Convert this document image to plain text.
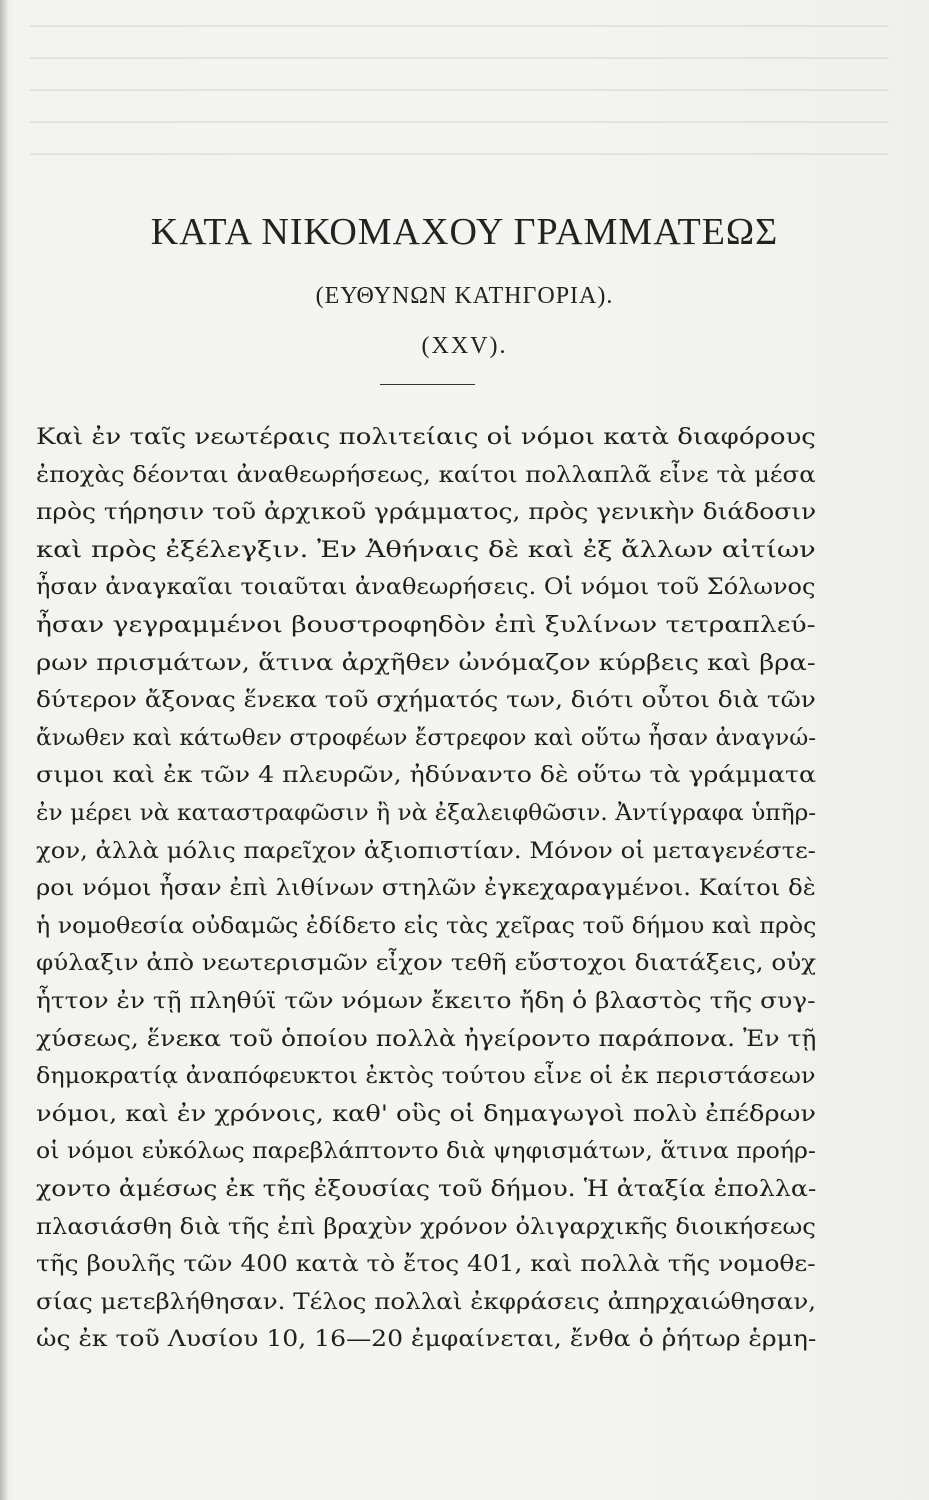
ΚΑΤΑ ΝΙΚΟΜΑΧΟΥ ΓΡΑΜΜΑΤΕΩΣ
(ΕΥΘΥΝΩΝ ΚΑΤΗΓΟΡΙΑ).
(XXV).
Καὶ ἐν ταῖς νεωτέραις πολιτείαις οἱ νόμοι κατὰ διαφόρους
ἐποχὰς δέονται ἀναθεωρήσεως, καίτοι πολλαπλᾶ εἶνε τὰ μέσα
πρὸς τήρησιν τοῦ ἀρχικοῦ γράμματος, πρὸς γενικὴν διάδοσιν
καὶ πρὸς ἐξέλεγξιν. Ἐν Ἀθήναις δὲ καὶ ἐξ ἄλλων αἰτίων
ἦσαν ἀναγκαῖαι τοιαῦται ἀναθεωρήσεις. Οἱ νόμοι τοῦ Σόλωνος
ἦσαν γεγραμμένοι βουστροφηδὸν ἐπὶ ξυλίνων τετραπλεύ-
ρων πρισμάτων, ἅτινα ἀρχῆθεν ὠνόμαζον κύρβεις καὶ βρα-
δύτερον ἄξονας ἕνεκα τοῦ σχήματός των, διότι οὗτοι διὰ τῶν
ἄνωθεν καὶ κάτωθεν στροφέων ἔστρεφον καὶ οὕτω ἦσαν ἀναγνώ-
σιμοι καὶ ἐκ τῶν 4 πλευρῶν, ἠδύναντο δὲ οὕτω τὰ γράμματα
ἐν μέρει νὰ καταστραφῶσιν ἢ νὰ ἐξαλειφθῶσιν. Ἀντίγραφα ὑπῆρ-
χον, ἀλλὰ μόλις παρεῖχον ἀξιοπιστίαν. Μόνον οἱ μεταγενέστε-
ροι νόμοι ἦσαν ἐπὶ λιθίνων στηλῶν ἐγκεχαραγμένοι. Καίτοι δὲ
ἡ νομοθεσία οὐδαμῶς ἐδίδετο εἰς τὰς χεῖρας τοῦ δήμου καὶ πρὸς
φύλαξιν ἀπὸ νεωτερισμῶν εἶχον τεθῆ εὔστοχοι διατάξεις, οὐχ
ἧττον ἐν τῇ πληθύϊ τῶν νόμων ἔκειτο ἤδη ὁ βλαστὸς τῆς συγ-
χύσεως, ἕνεκα τοῦ ὁποίου πολλὰ ἠγείροντο παράπονα. Ἐν τῇ
δημοκρατίᾳ ἀναπόφευκτοι ἐκτὸς τούτου εἶνε οἱ ἐκ περιστάσεων
νόμοι, καὶ ἐν χρόνοις, καθ' οὓς οἱ δημαγωγοὶ πολὺ ἐπέδρων
οἱ νόμοι εὐκόλως παρεβλάπτοντο διὰ ψηφισμάτων, ἅτινα προήρ-
χοντο ἀμέσως ἐκ τῆς ἐξουσίας τοῦ δήμου. Ἡ ἀταξία ἐπολλα-
πλασιάσθη διὰ τῆς ἐπὶ βραχὺν χρόνον ὀλιγαρχικῆς διοικήσεως
τῆς βουλῆς τῶν 400 κατὰ τὸ ἔτος 401, καὶ πολλὰ τῆς νομοθε-
σίας μετεβλήθησαν. Τέλος πολλαὶ ἐκφράσεις ἀπηρχαιώθησαν,
ὡς ἐκ τοῦ Λυσίου 10, 16—20 ἐμφαίνεται, ἔνθα ὁ ῥήτωρ ἑρμη-
